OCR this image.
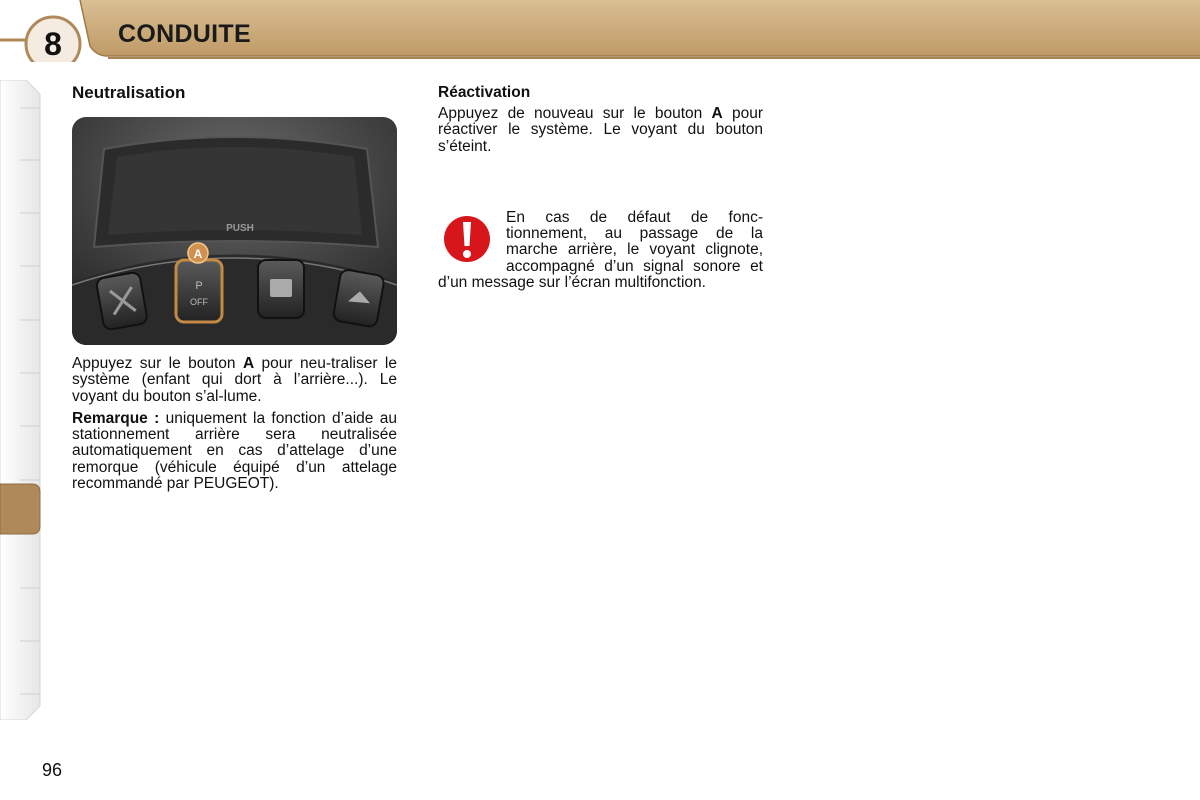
8	CONDUITE
Neutralisation
P
OFF
A
PUSH

Appuyez sur le bouton A pour neu-traliser le système (enfant qui dort à l’arrière...). Le voyant du bouton s’al-lume.

Remarque : uniquement la fonction d’aide au stationnement arrière sera neutralisée automatiquement en cas d’attelage d’une remorque (véhicule équipé d’un attelage recommandé par PEUGEOT).

Réactivation

Appuyez de nouveau sur le bouton A pour réactiver le système. Le voyant du bouton s’éteint.

En cas de défaut de fonc-tionnement, au passage de la marche arrière, le voyant clignote, accompagné d’un signal sonore et d’un message sur l’écran multifonction.
96
